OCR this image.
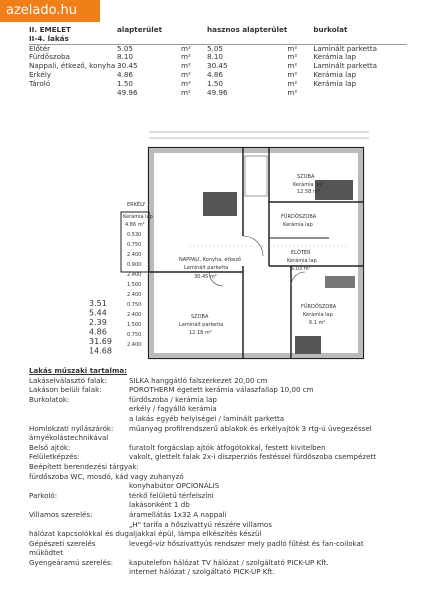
azelado.hu
II. EMELET	alapterület		hasznos alapterület		burkolat
II-4. lakás					
Előtér	5.05	m²	5.05	m²	Laminált parketta
Fürdőszoba	8.10	m²	8.10	m²	Kerámia lap
Nappali, étkező, konyha	30.45	m²	30.45	m²	Laminált parketta
Erkély	4.86	m²	4.86	m²	Kerámia lap
Tároló	1.50	m²	1.50	m²	Kerámia lap
	49.96	m²	49.96	m²	
SZOBA
Kerámia lap
12.58 m²
ERKÉLY
Kerámia lap
4.86 m²
NAPPALI, Konyha, étkező
Laminált parketta
30.45 m²
FÜRDŐSZOBA
Kerámia lap
ELŐTÉR
Kerámia lap
5.03 m²
SZOBA
Laminált parketta
12.18 m²
FÜRDŐSZOBA
Kerámia lap
6.1 m²
0.530
0.750
2.400
0.900
2.400
1.500
2.400
0.750
2.400
1.500
0.750
2.400
3.51
5.44
2.39
4.86
31.69
14.68
Lakás műszaki tartalma:
Lakáselválasztó falak:	SILKA hanggátló falszerkezet 20,00 cm
Lakáson belüli falak:	POROTHERM égetett kerámia válaszfallap 10,00 cm
Burkolatok:	fürdőszoba / kerámia lap
erkély / fagyálló kerámia
a lakás egyéb helyiségei / laminált parketta
Homlokzati nyílászárók:	műanyag profilrendszerű ablakok és erkélyajtók 3 rtg-ú üvegezéssel
árnyékolástechnikával
Belső ajtók:	furatolt forgácslap ajtók átfogótokkal, festett kivitelben
Felületképzés:	vakolt, glettelt falak 2x-i diszperziós festéssel fürdőszoba csempézett
Beépített berendezési tárgyak:
fürdőszoba WC, mosdó, kád vagy zuhanyzó
konyhabútor OPCIONÁLIS
Parkoló:	térkő felületű térfelszíni
lakásonként 1 db
Villamos szerelés:	áramellátás 1x32 A nappali
„H" tarifa a hőszivattyú részére villamos
hálózat kapcsolókkal és dugaljakkal épül, lámpa elkészítés készül
Gépészeti szerelés	levegő-víz hőszivattyús rendszer mely padló fűtést és fan-coilokat
működtet
Gyengeáramú szerelés:	kaputelefon hálózat TV hálózat / szolgáltató PICK-UP Kft.
internet hálózat / szolgáltató PICK-UP Kft.
